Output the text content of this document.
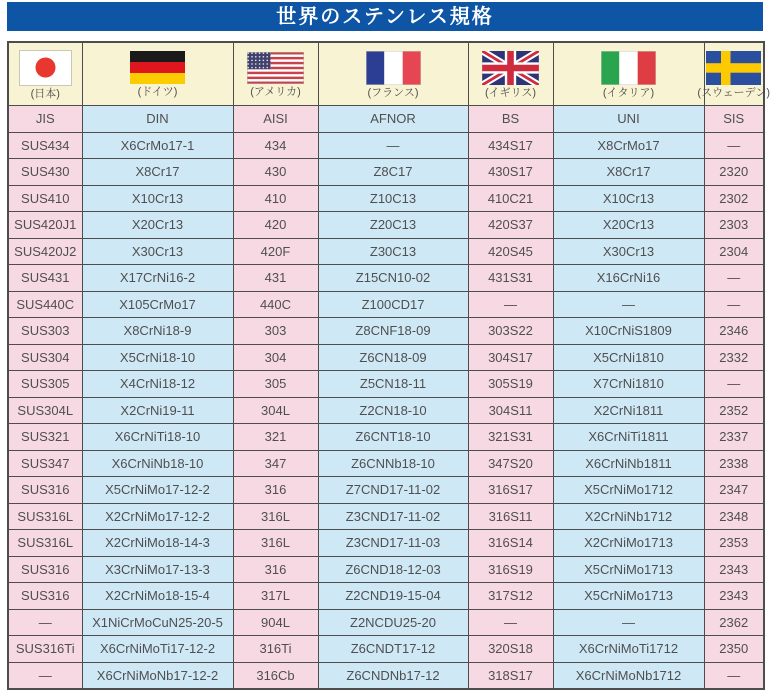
世界のステンレス規格
(日本)	(ドイツ)	(アメリカ)	(フランス)	(イギリス)	(イタリア)	(スウェーデン)

JIS	DIN	AISI	AFNOR	BS	UNI	SIS
SUS434	X6CrMo17-1	434	—	434S17	X8CrMo17	—
SUS430	X8Cr17	430	Z8C17	430S17	X8Cr17	2320
SUS410	X10Cr13	410	Z10C13	410C21	X10Cr13	2302
SUS420J1	X20Cr13	420	Z20C13	420S37	X20Cr13	2303
SUS420J2	X30Cr13	420F	Z30C13	420S45	X30Cr13	2304
SUS431	X17CrNi16-2	431	Z15CN10-02	431S31	X16CrNi16	—
SUS440C	X105CrMo17	440C	Z100CD17	—	—	—
SUS303	X8CrNi18-9	303	Z8CNF18-09	303S22	X10CrNiS1809	2346
SUS304	X5CrNi18-10	304	Z6CN18-09	304S17	X5CrNi1810	2332
SUS305	X4CrNi18-12	305	Z5CN18-11	305S19	X7CrNi1810	—
SUS304L	X2CrNi19-11	304L	Z2CN18-10	304S11	X2CrNi1811	2352
SUS321	X6CrNiTi18-10	321	Z6CNT18-10	321S31	X6CrNiTi1811	2337
SUS347	X6CrNiNb18-10	347	Z6CNNb18-10	347S20	X6CrNiNb1811	2338
SUS316	X5CrNiMo17-12-2	316	Z7CND17-11-02	316S17	X5CrNiMo1712	2347
SUS316L	X2CrNiMo17-12-2	316L	Z3CND17-11-02	316S11	X2CrNiNb1712	2348
SUS316L	X2CrNiMo18-14-3	316L	Z3CND17-11-03	316S14	X2CrNiMo1713	2353
SUS316	X3CrNiMo17-13-3	316	Z6CND18-12-03	316S19	X5CrNiMo1713	2343
SUS316	X2CrNiMo18-15-4	317L	Z2CND19-15-04	317S12	X5CrNiMo1713	2343
—	X1NiCrMoCuN25-20-5	904L	Z2NCDU25-20	—	—	2362
SUS316Ti	X6CrNiMoTi17-12-2	316Ti	Z6CNDT17-12	320S18	X6CrNiMoTi1712	2350
—	X6CrNiMoNb17-12-2	316Cb	Z6CNDNb17-12	318S17	X6CrNiMoNb1712	—
